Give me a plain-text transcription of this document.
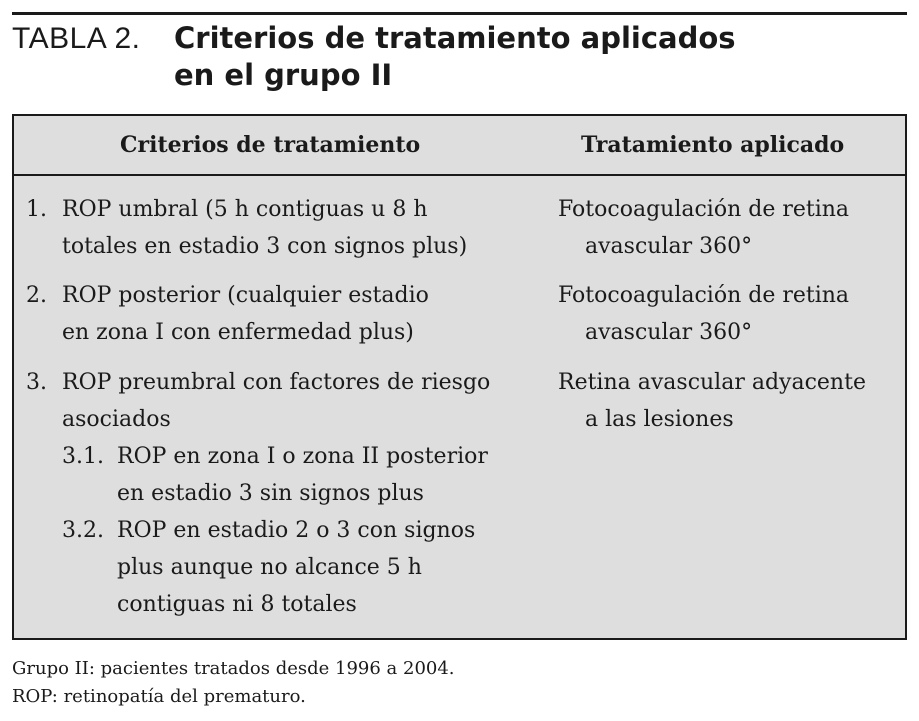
TABLA 2.	Criterios de tratamiento aplicados
en el grupo II
Criterios de tratamiento	Tratamiento aplicado
1. ROP umbral (5 h contiguas u 8 h
totales en estadio 3 con signos plus)
Fotocoagulación de retina
avascular 360°
2. ROP posterior (cualquier estadio
en zona I con enfermedad plus)
Fotocoagulación de retina
avascular 360°
3. ROP preumbral con factores de riesgo
asociados
3.1. ROP en zona I o zona II posterior
en estadio 3 sin signos plus
3.2. ROP en estadio 2 o 3 con signos
plus aunque no alcance 5 h
contiguas ni 8 totales
Retina avascular adyacente
a las lesiones
Grupo II: pacientes tratados desde 1996 a 2004.
ROP: retinopatía del prematuro.
